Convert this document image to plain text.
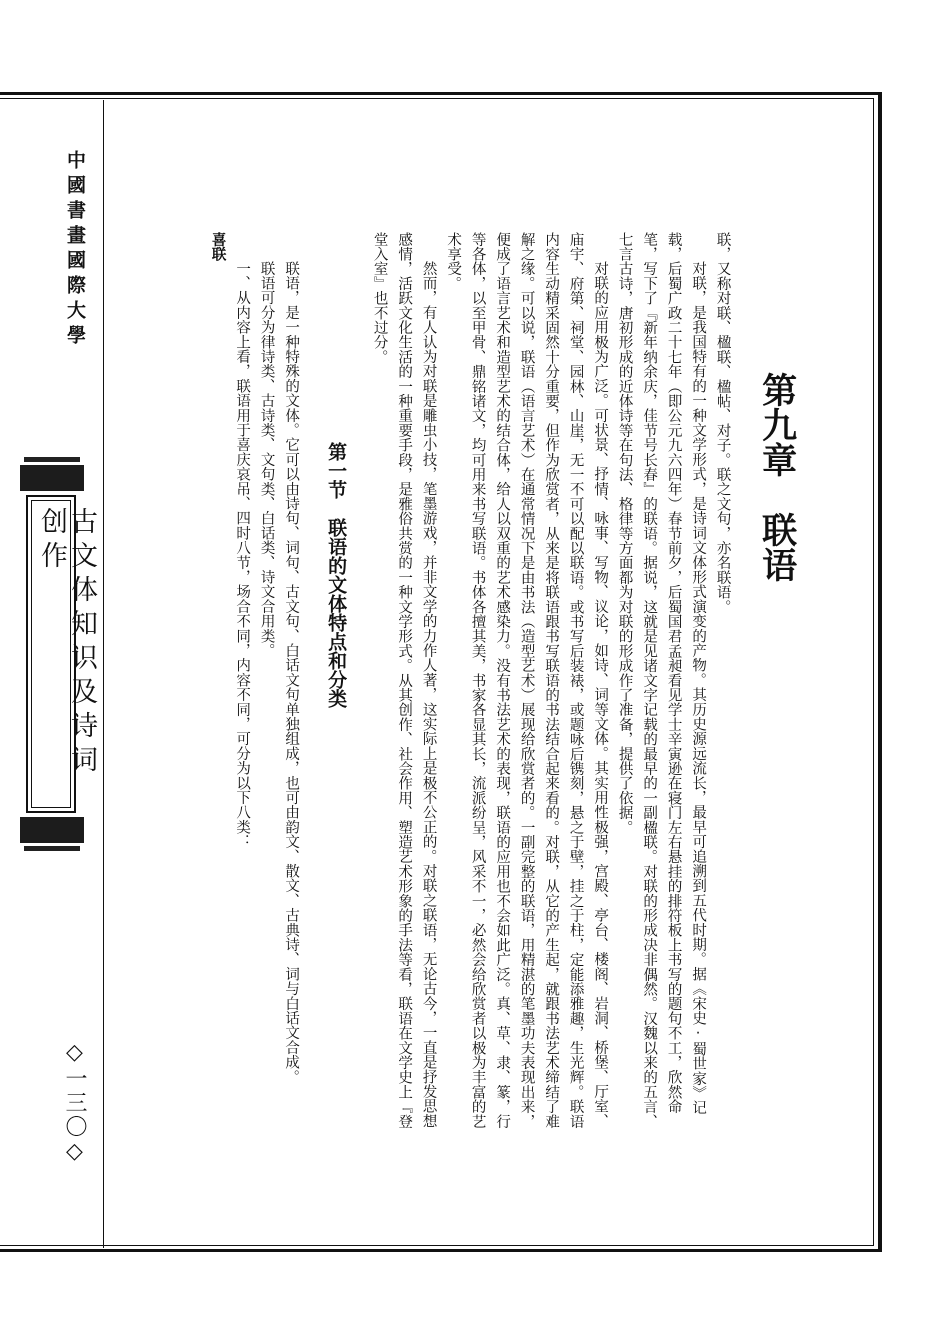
中國書畫國際大學
古文体知识及诗词创作
◇一三〇◇
第九章　联语

联，又称对联、楹联、楹帖、对子。联之文句，亦名联语。

对联，是我国特有的一种文学形式，是诗词文体形式演变的产物。其历史源远流长，最早可追溯到五代时期。据《宋史·蜀世家》记载，后蜀广政二十七年（即公元九六四年）春节前夕，后蜀国君孟昶看见学士辛寅逊在寝门左右悬挂的排符板上书写的题句不工，欣然命笔，写下了『新年纳余庆，佳节号长春』的联语。据说，这就是见诸文字记载的最早的一副楹联。对联的形成决非偶然。汉魏以来的五言、七言古诗，唐初形成的近体诗等在句法、格律等方面都为对联的形成作了准备，提供了依据。

对联的应用极为广泛。可状景、抒情、咏事、写物、议论，如诗、词等文体。其实用性极强，宫殿、亭台、楼阁、岩洞、桥堡、厅室、庙宇、府第、祠堂、园林、山崖，无一不可以配以联语。或书写后装裱，或题咏后镌刻，悬之于壁，挂之于柱，定能添雅趣，生光辉。联语内容生动精采固然十分重要，但作为欣赏者，从来是将联语跟书写联语的书法结合起来看的。对联，从它的产生起，就跟书法艺术缔结了难解之缘。可以说，联语（语言艺术）在通常情况下是由书法（造型艺术）展现给欣赏者的。一副完整的联语，用精湛的笔墨功夫表现出来，便成了语言艺术和造型艺术的结合体，给人以双重的艺术感染力。没有书法艺术的表现，联语的应用也不会如此广泛。真、草、隶、篆，行等各体，以至甲骨、鼎铭诸文，均可用来书写联语。书体各擅其美，书家各显其长，流派纷呈，风采不一，必然会给欣赏者以极为丰富的艺术享受。

然而，有人认为对联是雕虫小技，笔墨游戏，并非文学的力作人著，这实际上是极不公正的。对联之联语，无论古今，一直是抒发思想感情，活跃文化生活的一种重要手段，是雅俗共赏的一种文学形式。从其创作、社会作用、塑造艺术形象的手法等看，联语在文学史上『登堂入室』也不过分。

第一节　联语的文体特点和分类

联语，是一种特殊的文体。它可以由诗句、词句、古文句、白话文句单独组成，也可由韵文、散文、古典诗、词与白话文合成。

联语可分为律诗类、古诗类、文句类、白话类、诗文合用类。

一、从内容上看，联语用于喜庆哀吊、四时八节，场合不同，内容不同，可分为以下八类：

喜联
